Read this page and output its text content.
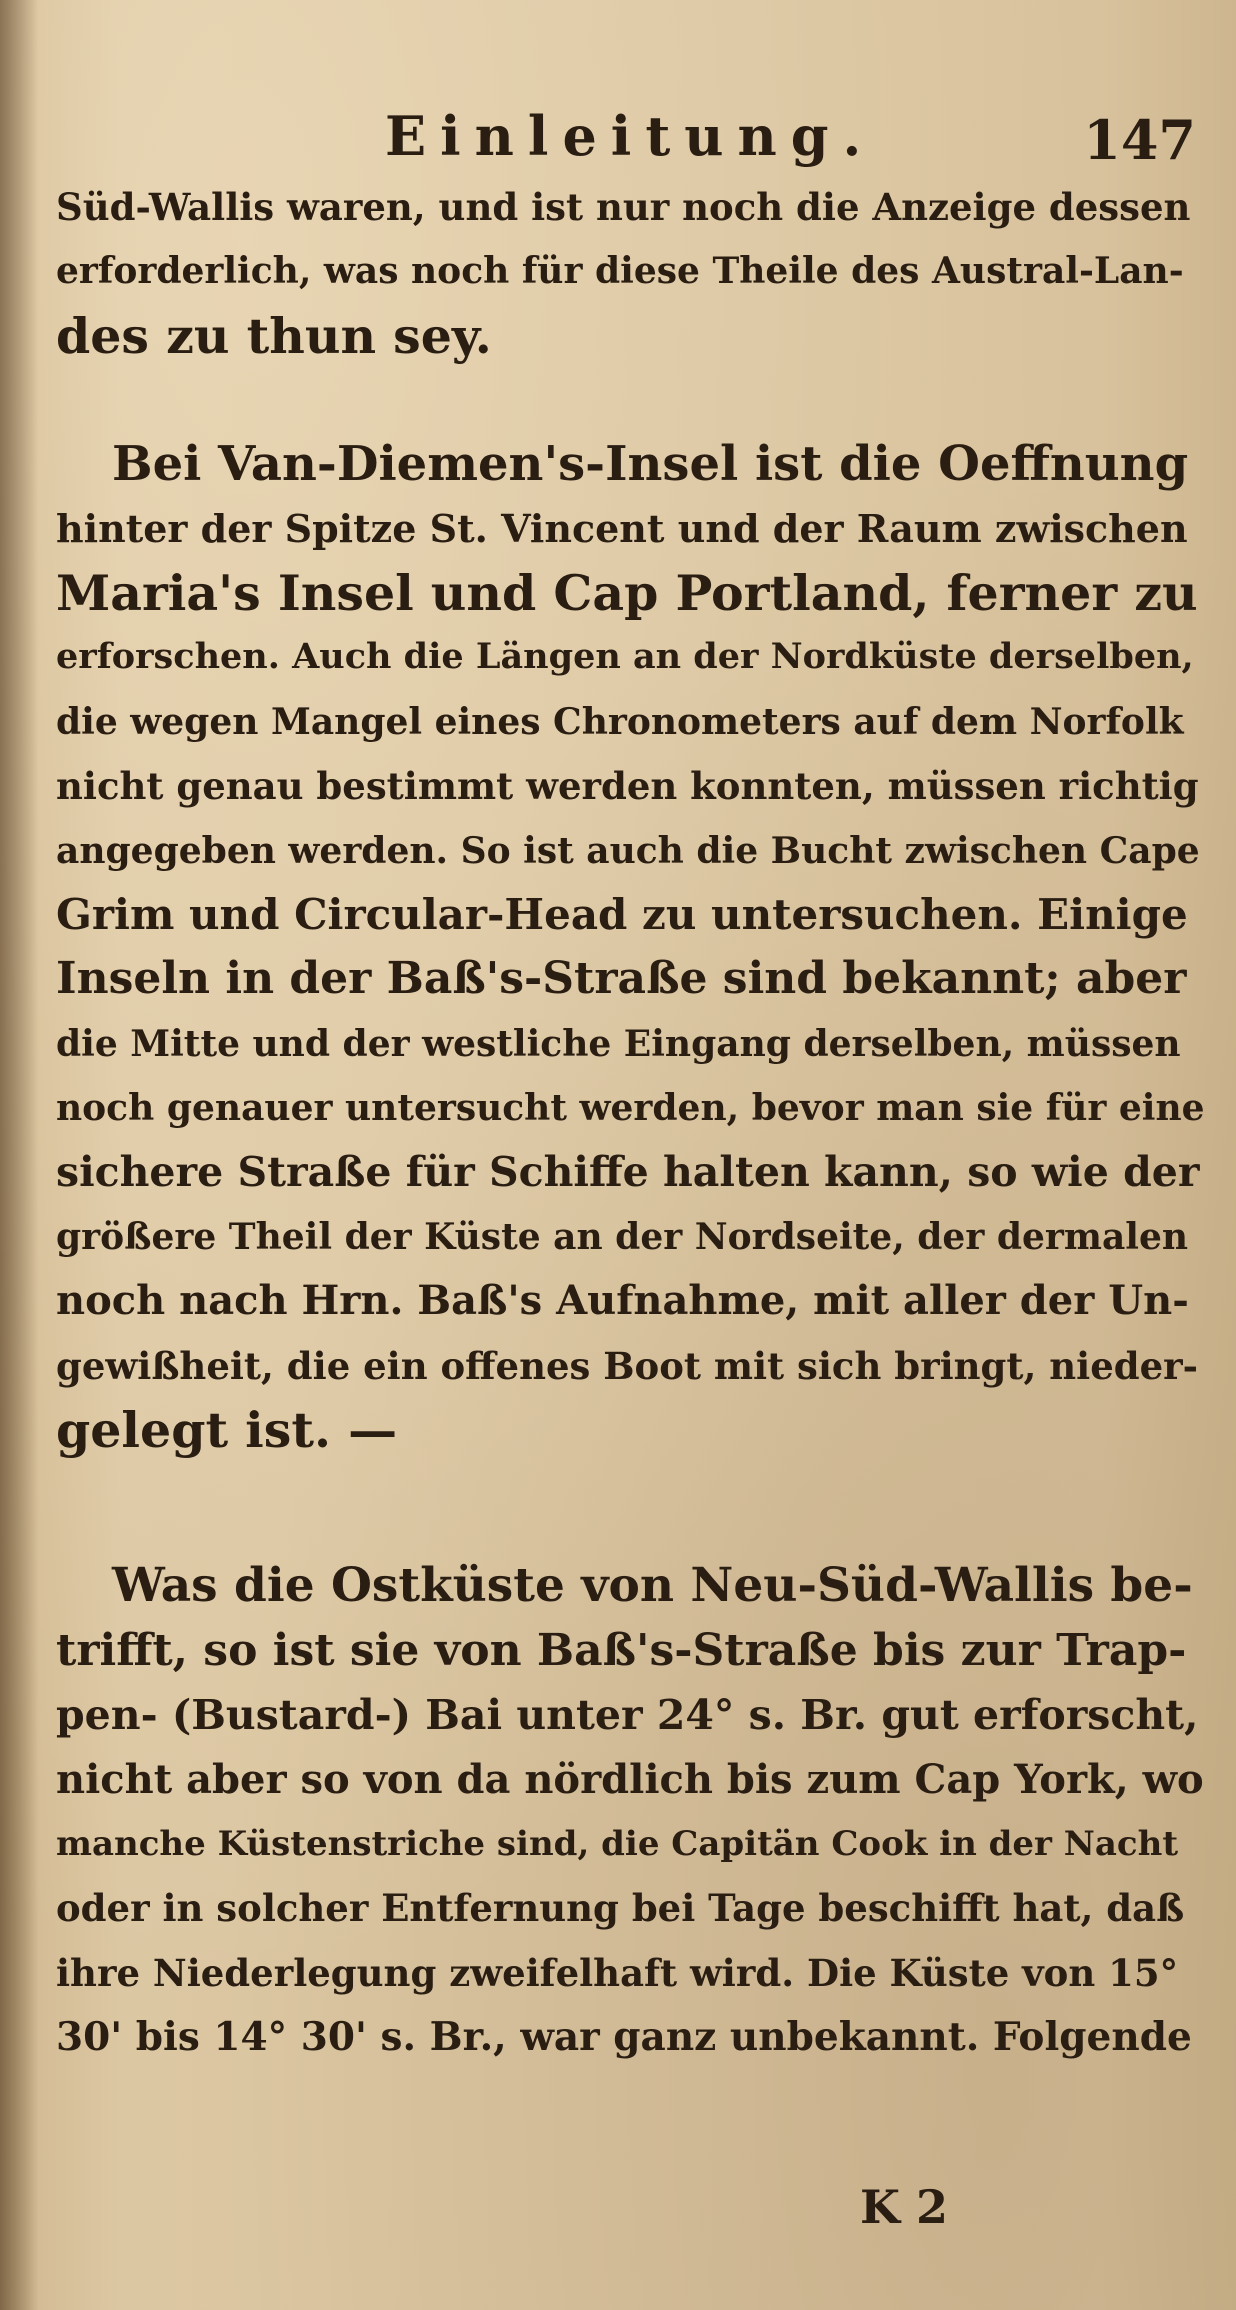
Einleitung.	147
Süd-Wallis waren, und ist nur noch die Anzeige dessen
erforderlich, was noch für diese Theile des Austral-Lan-
des zu thun sey.
Bei Van-Diemen's-Insel ist die Oeffnung
hinter der Spitze St. Vincent und der Raum zwischen
Maria's Insel und Cap Portland, ferner zu
erforschen. Auch die Längen an der Nordküste derselben,
die wegen Mangel eines Chronometers auf dem Norfolk
nicht genau bestimmt werden konnten, müssen richtig
angegeben werden. So ist auch die Bucht zwischen Cape
Grim und Circular-Head zu untersuchen. Einige
Inseln in der Baß's-Straße sind bekannt; aber
die Mitte und der westliche Eingang derselben, müssen
noch genauer untersucht werden, bevor man sie für eine
sichere Straße für Schiffe halten kann, so wie der
größere Theil der Küste an der Nordseite, der dermalen
noch nach Hrn. Baß's Aufnahme, mit aller der Un-
gewißheit, die ein offenes Boot mit sich bringt, nieder-
gelegt ist. —
Was die Ostküste von Neu-Süd-Wallis be-
trifft, so ist sie von Baß's-Straße bis zur Trap-
pen- (Bustard-) Bai unter 24° s. Br. gut erforscht,
nicht aber so von da nördlich bis zum Cap York, wo
manche Küstenstriche sind, die Capitän Cook in der Nacht
oder in solcher Entfernung bei Tage beschifft hat, daß
ihre Niederlegung zweifelhaft wird. Die Küste von 15°
30' bis 14° 30' s. Br., war ganz unbekannt. Folgende
K 2
